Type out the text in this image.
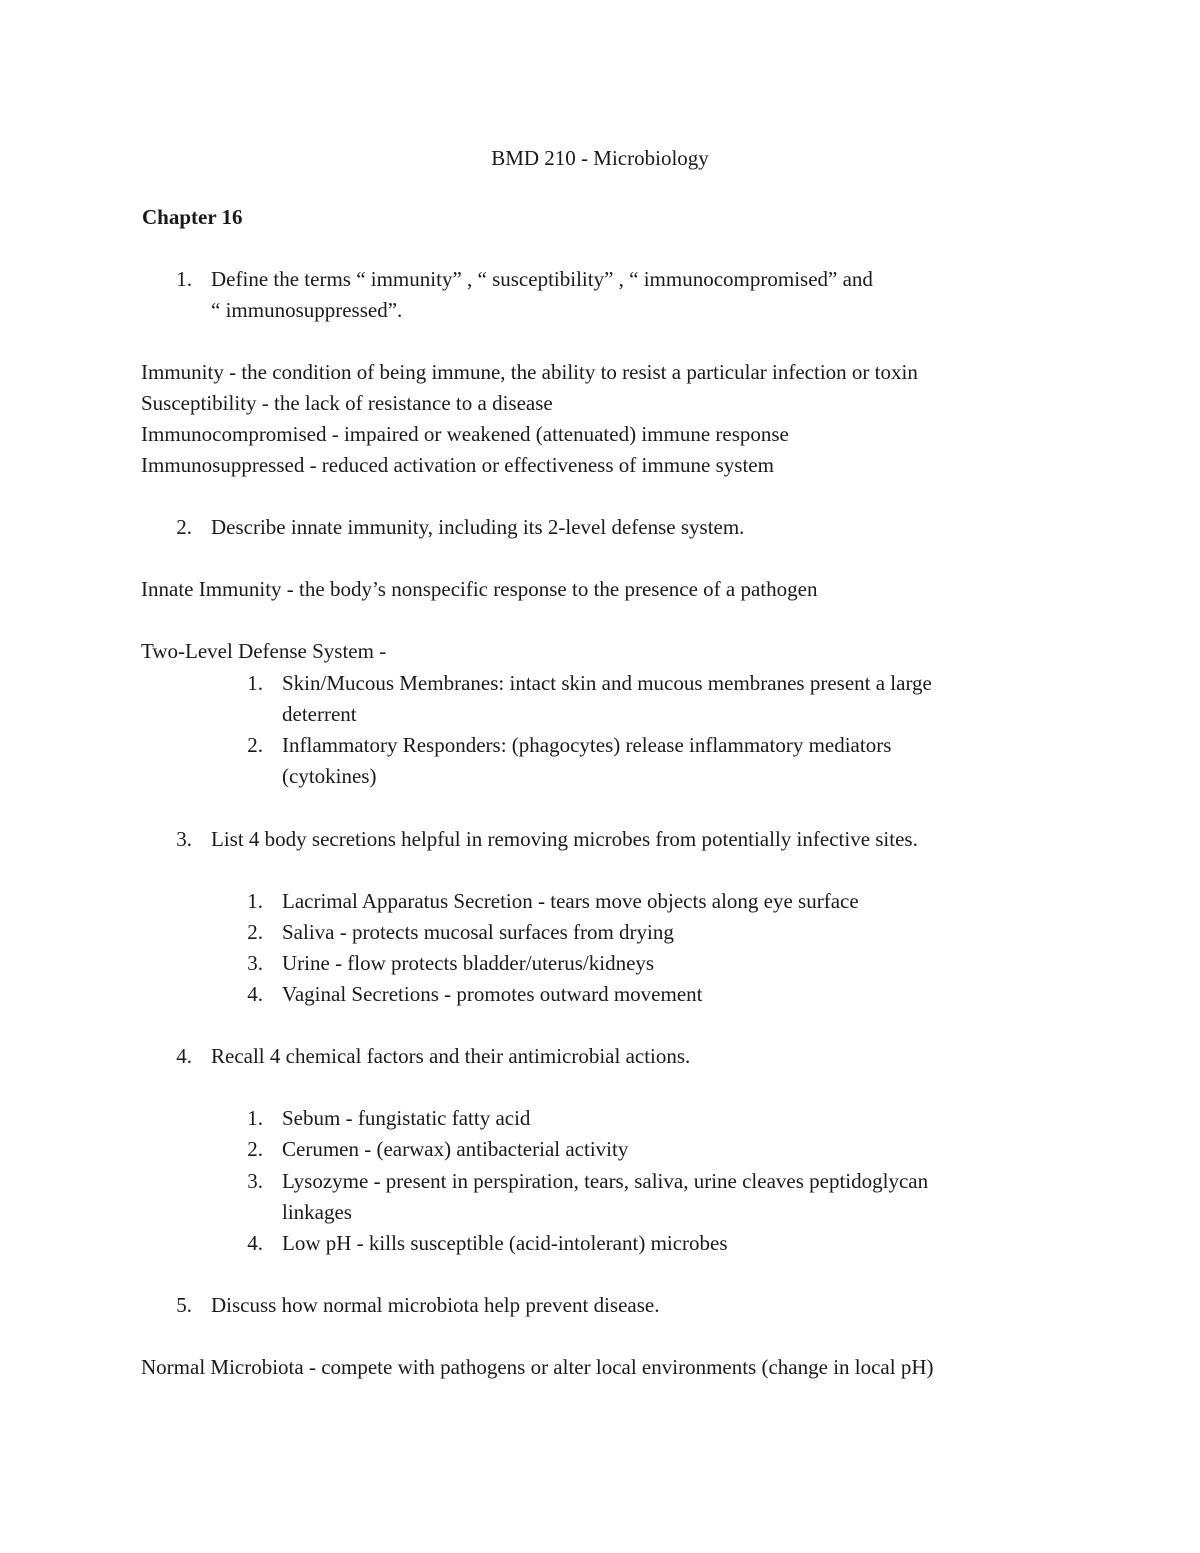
BMD 210 - Microbiology
Chapter 16
1. Define the terms “ immunity” , “ susceptibility” , “ immunocompromised” and
“ immunosuppressed”.
Immunity - the condition of being immune, the ability to resist a particular infection or toxin
Susceptibility - the lack of resistance to a disease
Immunocompromised - impaired or weakened (attenuated) immune response
Immunosuppressed - reduced activation or effectiveness of immune system
2. Describe innate immunity, including its 2-level defense system.
Innate Immunity - the body’s nonspecific response to the presence of a pathogen
Two-Level Defense System -
1. Skin/Mucous Membranes: intact skin and mucous membranes present a large
deterrent
2. Inflammatory Responders: (phagocytes) release inflammatory mediators
(cytokines)
3. List 4 body secretions helpful in removing microbes from potentially infective sites.
1. Lacrimal Apparatus Secretion - tears move objects along eye surface
2. Saliva - protects mucosal surfaces from drying
3. Urine - flow protects bladder/uterus/kidneys
4. Vaginal Secretions - promotes outward movement
4. Recall 4 chemical factors and their antimicrobial actions.
1. Sebum - fungistatic fatty acid
2. Cerumen - (earwax) antibacterial activity
3. Lysozyme - present in perspiration, tears, saliva, urine cleaves peptidoglycan
linkages
4. Low pH - kills susceptible (acid-intolerant) microbes
5. Discuss how normal microbiota help prevent disease.
Normal Microbiota - compete with pathogens or alter local environments (change in local pH)
